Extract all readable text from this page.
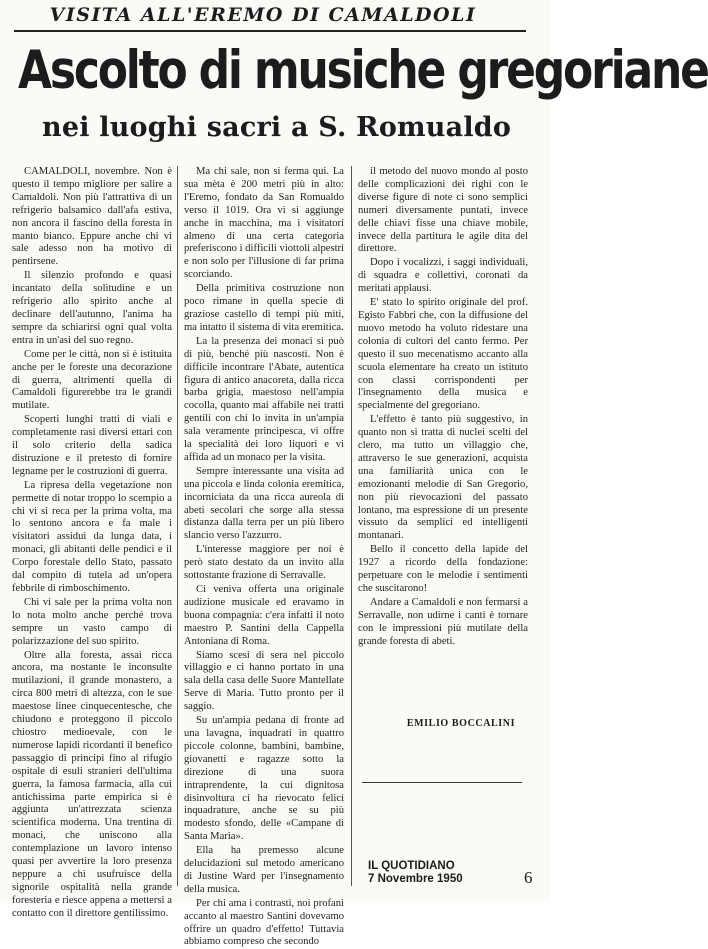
VISITA ALL'EREMO DI CAMALDOLI
Ascolto di musiche gregoriane
nei luoghi sacri a S. Romualdo

CAMALDOLI, novembre. Non è questo il tempo migliore per salire a Camaldoli. Non più l'attrattiva di un refrigerio balsamico dall'afa estiva, non ancora il fascino della foresta in manto bianco. Eppure anche chi vi sale adesso non ha motivo di pentirsene.

Il silenzio profondo e quasi incantato della solitudine e un refrigerio allo spirito anche al declinare dell'autunno, l'anima ha sempre da schiarirsi ogni qual volta entra in un'asi del suo regno.

Come per le città, non si è istituita anche per le foreste una decorazione di guerra, altrimenti quella di Camaldoli figurerebbe tra le grandi mutilate.

Scoperti lunghi tratti di viali e completamente rasi diversi ettari con il solo criterio della sadica distruzione e il pretesto di fornire legname per le costruzioni di guerra.

La ripresa della vegetazione non permette di notar troppo lo scempio a chi vi si reca per la prima volta, ma lo sentono ancora e fa male i visitatori assidui da lunga data, i monaci, gli abitanti delle pendici e il Corpo forestale dello Stato, passato dal compito di tutela ad un'opera febbrile di rimboschimento.

Chi vi sale per la prima volta non lo nota molto anche perché trova sempre un vasto campo di polarizzazione del suo spirito.

Oltre alla foresta, assai ricca ancora, ma nostante le inconsulte mutilazioni, il grande monastero, a circa 800 metri di altezza, con le sue maestose linee cinquecentesche, che chiudono e proteggono il piccolo chiostro medioevale, con le numerose lapidi ricordanti il benefico passaggio di principi fino al rifugio ospitale di esuli stranieri dell'ultima guerra, la famosa farmacia, alla cui antichissima parte empirica si è aggiunta un'attrezzata scienza scientifica moderna. Una trentina di monaci, che uniscono alla contemplazione un lavoro intenso quasi per avvertire la loro presenza neppure a chi usufruisce della signorile ospitalità nella grande foresteria e riesce appena a mettersi a contatto con il direttore gentilissimo.

Ma chi sale, non si ferma qui. La sua mèta è 200 metri più in alto: l'Eremo, fondato da San Romualdo verso il 1019. Ora vi si aggiunge anche in macchina, ma i visitatori almeno di una certa categoria preferiscono i difficili viottoli alpestri e non solo per l'illusione di far prima scorciando.

Della primitiva costruzione non poco rimane in quella specie di graziose castello di tempi più miti, ma intatto il sistema di vita eremitica.

La la presenza dei monaci si può di più, benché più nascosti. Non è difficile incontrare l'Abate, autentica figura di antico anacoreta, dalla ricca barba grigia, maestoso nell'ampia cocolla, quanto mai affabile nei tratti gentili con chi lo invita in un'ampia sala veramente principesca, vi offre la specialità dei loro liquori e vi affida ad un monaco per la visita.

Sempre interessante una visita ad una piccola e linda colonia eremitica, incorniciata da una ricca aureola di abeti secolari che sorge alla stessa distanza dalla terra per un più libero slancio verso l'azzurro.

L'interesse maggiore per noi è però stato destato da un invito alla sottostante frazione di Serravalle.

Ci veniva offerta una originale audizione musicale ed eravamo in buona compagnia: c'era infatti il noto maestro P. Santini della Cappella Antoniana di Roma.

Siamo scesi di sera nel piccolo villaggio e ci hanno portato in una sala della casa delle Suore Mantellate Serve di Maria. Tutto pronto per il saggio.

Su un'ampia pedana di fronte ad una lavagna, inquadrati in quattro piccole colonne, bambini, bambine, giovanetti e ragazze sotto la direzione di una suora intraprendente, la cui dignitosa disinvoltura ci ha rievocato felici inquadrature, anche se su più modesto sfondo, delle «Campane di Santa Maria».

Ella ha premesso alcune delucidazioni sul metodo americano di Justine Ward per l'insegnamento della musica.

Per chi ama i contrasti, noi profani accanto al maestro Santini dovevamo offrire un quadro d'effetto! Tuttavia abbiamo compreso che secondo

il metodo del nuovo mondo al posto delle complicazioni dei righi con le diverse figure di note ci sono semplici numeri diversamente puntati, invece delle chiavi fisse una chiave mobile, invece della partitura le agile dita del direttore.

Dopo i vocalizzi, i saggi individuali, di squadra e collettivi, coronati da meritati applausi.

E' stato lo spirito originale del prof. Egisto Fabbri che, con la diffusione del nuovo metodo ha voluto ridestare una colonia di cultori del canto fermo. Per questo il suo mecenatismo accanto alla scuola elementare ha creato un istituto con classi corrispondenti per l'insegnamento della musica e specialmente del gregoriano.

L'effetto è tanto più suggestivo, in quanto non si tratta di nuclei scelti del clero, ma tutto un villaggio che, attraverso le sue generazioni, acquista una familiarità unica con le emozionanti melodie di San Gregorio, non più rievocazioni del passato lontano, ma espressione di un presente vissuto da semplici ed intelligenti montanari.

Bello il concetto della lapide del 1927 a ricordo della fondazione: perpetuare con le melodie i sentimenti che suscitarono!

Andare a Camaldoli e non fermarsi a Serravalle, non udirne i canti è tornare con le impressioni più mutilate della grande foresta di abeti.

EMILIO BOCCALINI
IL QUOTIDIANO
7 Novembre 1950	6
